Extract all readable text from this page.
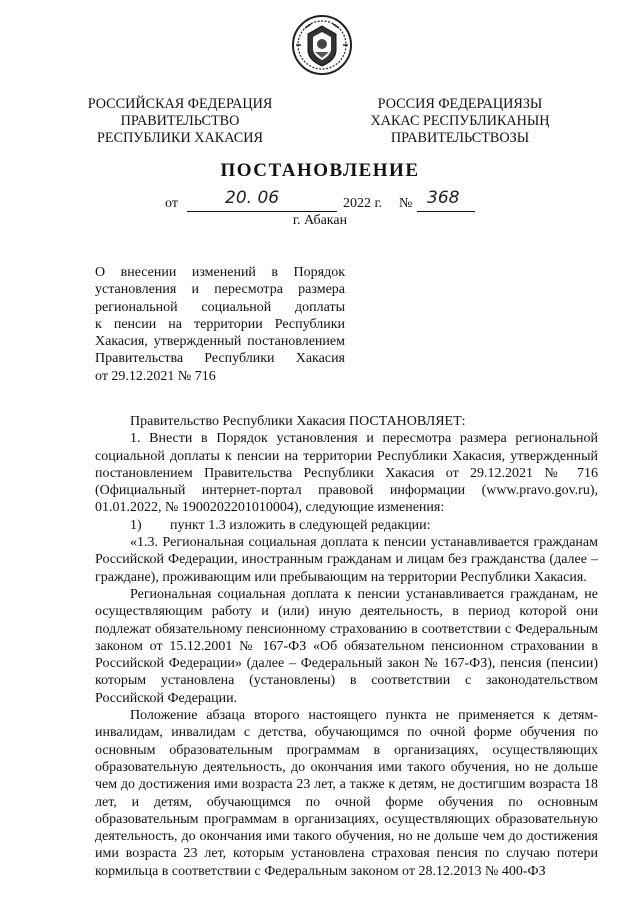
РОССИЙСКАЯ ФЕДЕРАЦИЯ
ПРАВИТЕЛЬСТВО
РЕСПУБЛИКИ ХАКАСИЯ
РОССИЯ ФЕДЕРАЦИЯЗЫ
ХАКАС РЕСПУБЛИКАНЫҢ
ПРАВИТЕЛЬСТВОЗЫ
ПОСТАНОВЛЕНИЕ
от	20. 06	2022 г. № 368
г. Абакан
О внесении изменений в Порядок
установления и пересмотра размера
региональной социальной доплаты
к пенсии на территории Республики
Хакасия, утвержденный постановлением
Правительства Республики Хакасия
от 29.12.2021 № 716

Правительство Республики Хакасия ПОСТАНОВЛЯЕТ:

1. Внести в Порядок установления и пересмотра размера региональной социальной доплаты к пенсии на территории Республики Хакасия, утвержденный постановлением Правительства Республики Хакасия от 29.12.2021 № 716 (Официальный интернет-портал правовой информации (www.pravo.gov.ru), 01.01.2022, № 1900202201010004), следующие изменения:

1)	пункт 1.3 изложить в следующей редакции:

«1.3. Региональная социальная доплата к пенсии устанавливается гражданам Российской Федерации, иностранным гражданам и лицам без гражданства (далее – граждане), проживающим или пребывающим на территории Республики Хакасия.

Региональная социальная доплата к пенсии устанавливается гражданам, не осуществляющим работу и (или) иную деятельность, в период которой они подлежат обязательному пенсионному страхованию в соответствии с Федеральным законом от 15.12.2001 № 167-ФЗ «Об обязательном пенсионном страховании в Российской Федерации» (далее – Федеральный закон № 167-ФЗ), пенсия (пенсии) которым установлена (установлены) в соответствии с законодательством Российской Федерации.

Положение абзаца второго настоящего пункта не применяется к детям-инвалидам, инвалидам с детства, обучающимся по очной форме обучения по основным образовательным программам в организациях, осуществляющих образовательную деятельность, до окончания ими такого обучения, но не дольше чем до достижения ими возраста 23 лет, а также к детям, не достигшим возраста 18 лет, и детям, обучающимся по очной форме обучения по основным образовательным программам в организациях, осуществляющих образовательную деятельность, до окончания ими такого обучения, но не дольше чем до достижения ими возраста 23 лет, которым установлена страховая пенсия по случаю потери кормильца в соответствии с Федеральным законом от 28.12.2013 № 400-ФЗ
